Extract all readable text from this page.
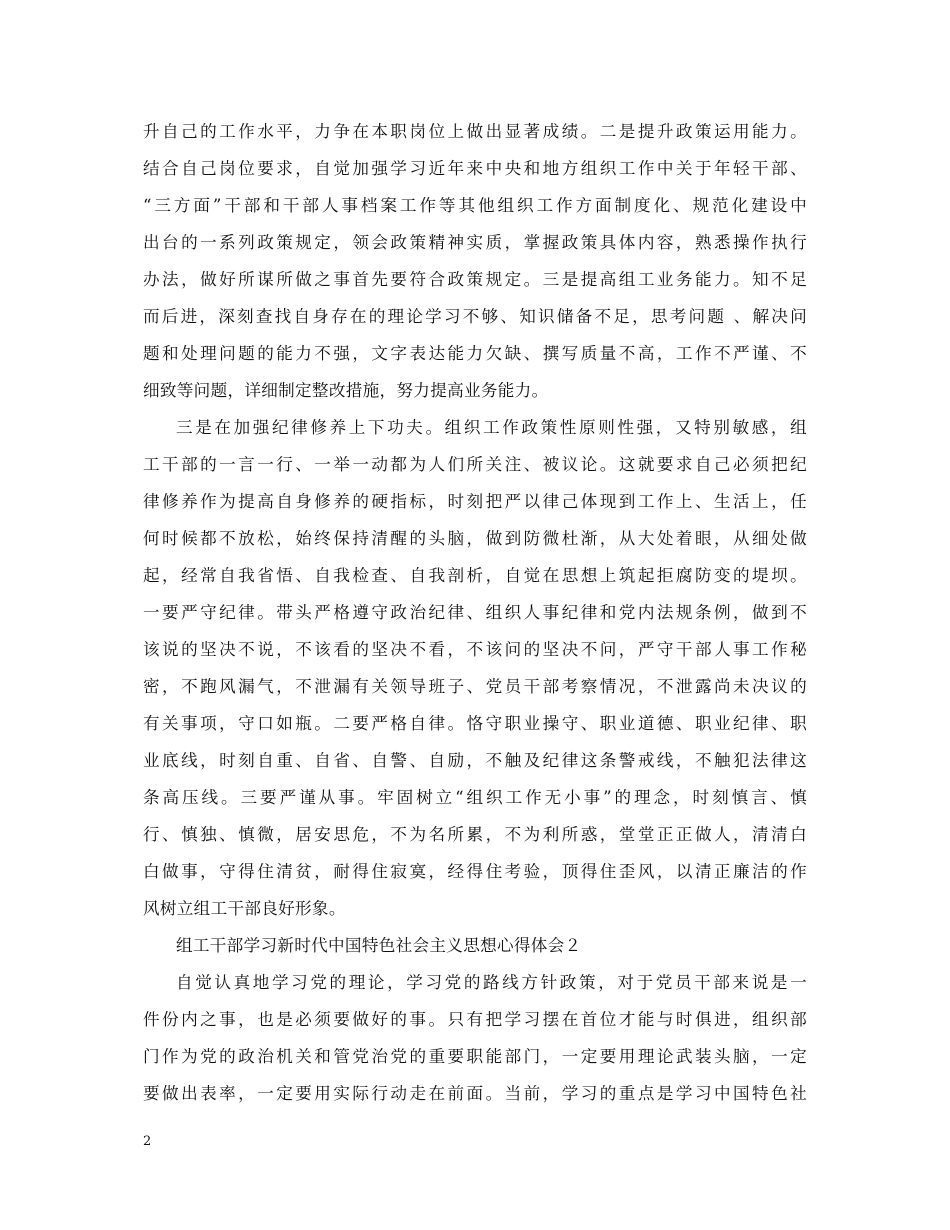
升自己的工作水平，力争在本职岗位上做出显著成绩。二是提升政策运用能力。
结合自己岗位要求，自觉加强学习近年来中央和地方组织工作中关于年轻干部、
“三方面”干部和干部人事档案工作等其他组织工作方面制度化、规范化建设中
出台的一系列政策规定，领会政策精神实质，掌握政策具体内容，熟悉操作执行
办法，做好所谋所做之事首先要符合政策规定。三是提高组工业务能力。知不足
而后进，深刻查找自身存在的理论学习不够、知识储备不足，思考问题 、解决问
题和处理问题的能力不强，文字表达能力欠缺、撰写质量不高，工作不严谨、不
细致等问题，详细制定整改措施，努力提高业务能力。
三是在加强纪律修养上下功夫。组织工作政策性原则性强，又特别敏感，组
工干部的一言一行、一举一动都为人们所关注、被议论。这就要求自己必须把纪
律修养作为提高自身修养的硬指标，时刻把严以律己体现到工作上、生活上，任
何时候都不放松，始终保持清醒的头脑，做到防微杜渐，从大处着眼，从细处做
起，经常自我省悟、自我检查、自我剖析，自觉在思想上筑起拒腐防变的堤坝。
一要严守纪律。带头严格遵守政治纪律、组织人事纪律和党内法规条例，做到不
该说的坚决不说，不该看的坚决不看，不该问的坚决不问，严守干部人事工作秘
密，不跑风漏气，不泄漏有关领导班子、党员干部考察情况，不泄露尚未决议的
有关事项，守口如瓶。二要严格自律。恪守职业操守、职业道德、职业纪律、职
业底线，时刻自重、自省、自警、自励，不触及纪律这条警戒线，不触犯法律这
条高压线。三要严谨从事。牢固树立“组织工作无小事”的理念，时刻慎言、慎
行、慎独、慎微，居安思危，不为名所累，不为利所惑，堂堂正正做人，清清白
白做事，守得住清贫，耐得住寂寞，经得住考验，顶得住歪风，以清正廉洁的作
风树立组工干部良好形象。
组工干部学习新时代中国特色社会主义思想心得体会２
自觉认真地学习党的理论，学习党的路线方针政策，对于党员干部来说是一
件份内之事，也是必须要做好的事。只有把学习摆在首位才能与时俱进，组织部
门作为党的政治机关和管党治党的重要职能部门，一定要用理论武装头脑，一定
要做出表率，一定要用实际行动走在前面。当前，学习的重点是学习中国特色社
2
